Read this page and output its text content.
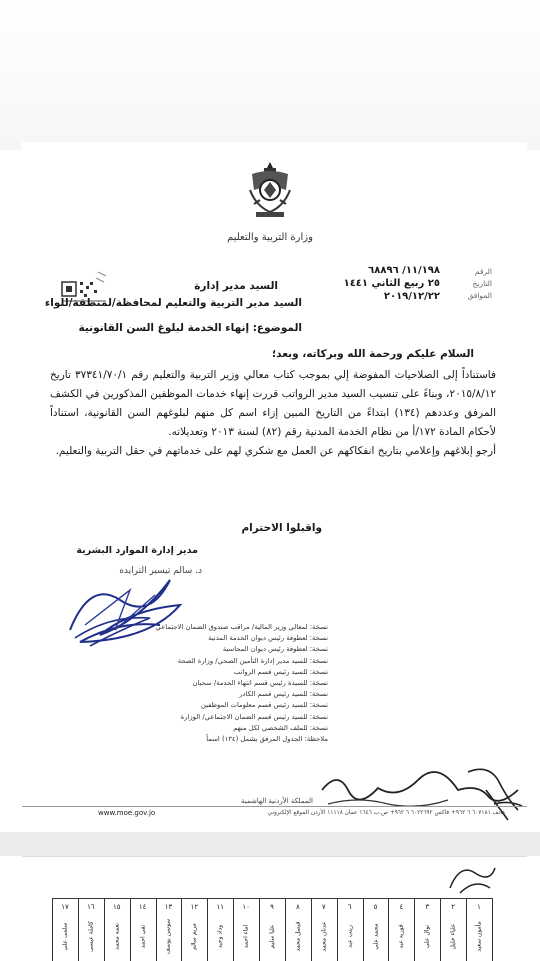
وزارة التربية والتعليم
الرقم
التاريخ
الموافق
١١/١٩٨/ ٦٨٨٩٦
٢٥ ربيع الثاني ١٤٤١
٢٠١٩/١٢/٢٢
السيد مدير إدارة
السيد مدير التربية والتعليم لمحافظة/لمنطقة/للواء
الموضوع: إنهاء الخدمة لبلوغ السن القانونية
السلام عليكم ورحمة الله وبركاته، وبعد؛
فاستناداً إلى الصلاحيات المفوضة إلي بموجب كتاب معالي وزير التربية والتعليم رقم ٣٧٣٤١/٧٠/١ تاريخ ٢٠١٥/٨/١٢، وبناءً على تنسيب السيد مدير الرواتب قررت إنهاء خدمات الموظفين المذكورين في الكشف المرفق وعددهم (١٣٤) ابتداءً من التاريخ المبين إزاء اسم كل منهم لبلوغهم السن القانونية، استناداً لأحكام المادة ١٧٢/أ من نظام الخدمة المدنية رقم (٨٢) لسنة ٢٠١٣ وتعديلاته.
أرجو إبلاغهم وإعلامي بتاريخ انفكاكهم عن العمل مع شكري لهم على خدماتهم في حقل التربية والتعليم.
واقبلوا الاحترام
مدير إدارة الموارد البشرية
د. سالم تيسير الترايده
نسخة: لمعالي وزير المالية/ مراقب صندوق الضمان الاجتماعي
نسخة: لعطوفة رئيس ديوان الخدمة المدنية
نسخة: لعطوفة رئيس ديوان المحاسبة
نسخة: للسيد مدير إدارة التأمين الصحي/ وزارة الصحة
نسخة: للسيد رئيس قسم الرواتب
نسخة: للسيدة رئيس قسم انتهاء الخدمة/ سحبان
نسخة: للسيد رئيس قسم الكادر
نسخة: للسيد رئيس قسم معلومات الموظفين
نسخة: للسيد رئيس قسم الضمان الاجتماعي/ الوزارة
نسخة: للملف الشخصي لكل منهم
ملاحظة: الجدول المرفق يشمل (١٣٤) اسماً
المملكة الأردنية الهاشمية
هاتف ٦٠٧١٨١ ٦ ٩٦٢+ فاكس ٦٠٢٢٦٩٢ ٦ ٩٦٢+ ص.ب ١٦٤٦ عمان ١١١١٨ الأردن الموقع الإلكتروني
www.moe.gov.jo
١
مأمون سعيد
٢
علياء خليل
٣
نوال علي
٤
فوزيه عبد
٥
محمد علي
٦
زينب عبد
٧
عدنان محمد
٨
فيصل محمد
٩
عليا سليم
١٠
اماء احمد
١١
وداد وحيد
١٢
مريم سالم
١٣
سوسن يوسف
١٤
تقي احمد
١٥
نعمه محمد
١٦
كاملة عيسى
١٧
سلمى علي
